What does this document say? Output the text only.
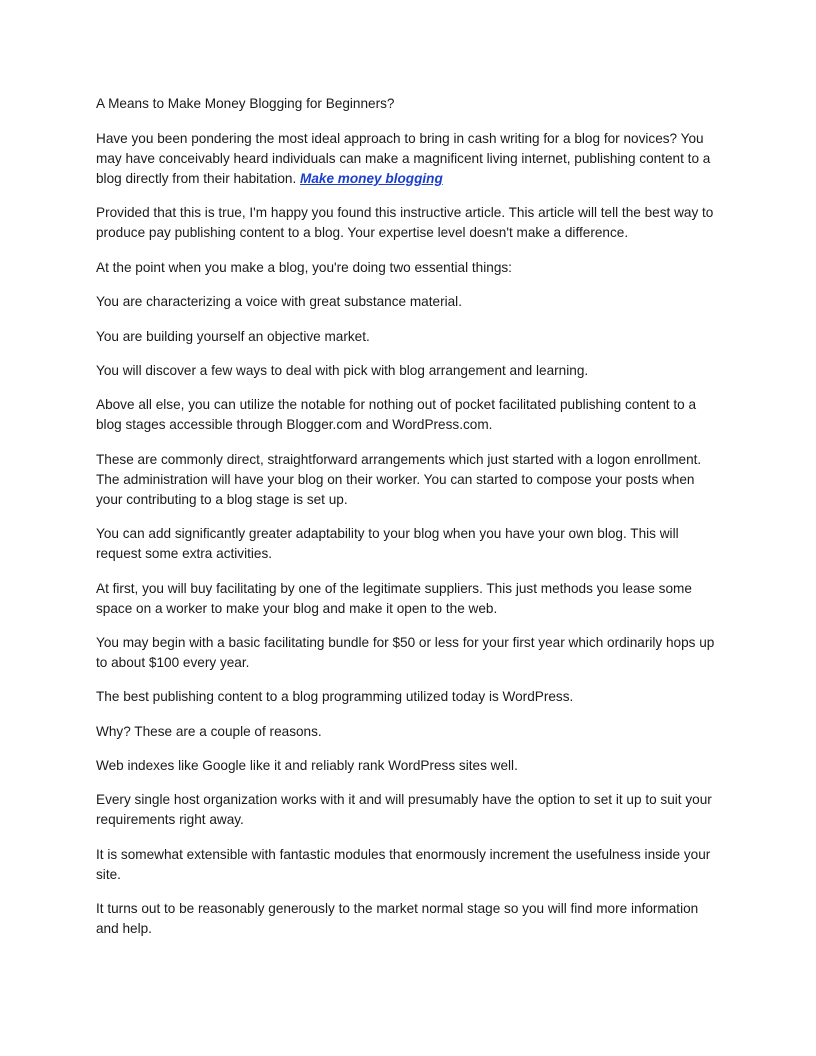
A Means to Make Money Blogging for Beginners?

Have you been pondering the most ideal approach to bring in cash writing for a blog for novices? You may have conceivably heard individuals can make a magnificent living internet, publishing content to a blog directly from their habitation. Make money blogging

Provided that this is true, I'm happy you found this instructive article. This article will tell the best way to produce pay publishing content to a blog. Your expertise level doesn't make a difference.

At the point when you make a blog, you're doing two essential things:

You are characterizing a voice with great substance material.

You are building yourself an objective market.

You will discover a few ways to deal with pick with blog arrangement and learning.

Above all else, you can utilize the notable for nothing out of pocket facilitated publishing content to a blog stages accessible through Blogger.com and WordPress.com.

These are commonly direct, straightforward arrangements which just started with a logon enrollment. The administration will have your blog on their worker. You can started to compose your posts when your contributing to a blog stage is set up.

You can add significantly greater adaptability to your blog when you have your own blog. This will request some extra activities.

At first, you will buy facilitating by one of the legitimate suppliers. This just methods you lease some space on a worker to make your blog and make it open to the web.

You may begin with a basic facilitating bundle for $50 or less for your first year which ordinarily hops up to about $100 every year.

The best publishing content to a blog programming utilized today is WordPress.

Why? These are a couple of reasons.

Web indexes like Google like it and reliably rank WordPress sites well.

Every single host organization works with it and will presumably have the option to set it up to suit your requirements right away.

It is somewhat extensible with fantastic modules that enormously increment the usefulness inside your site.

It turns out to be reasonably generously to the market normal stage so you will find more information and help.
